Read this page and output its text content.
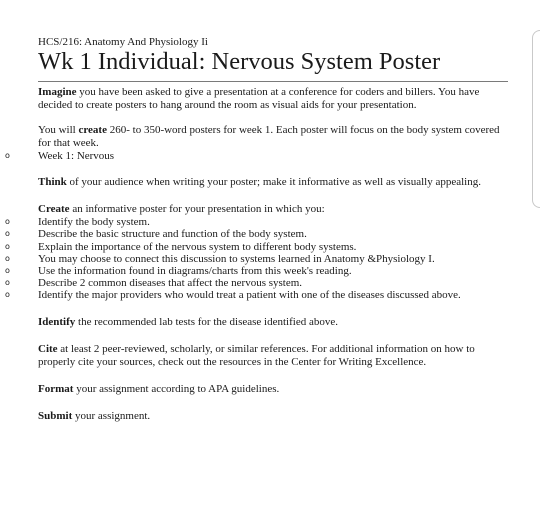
HCS/216: Anatomy And Physiology Ii
Wk 1 Individual: Nervous System Poster

Imagine you have been asked to give a presentation at a conference for coders and billers. You have decided to create posters to hang around the room as visual aids for your presentation.

You will create 260- to 350-word posters for week 1. Each poster will focus on the body system covered for that week.

o	Week 1: Nervous

Think of your audience when writing your poster; make it informative as well as visually appealing.

Create an informative poster for your presentation in which you:

o	Identify the body system.
o	Describe the basic structure and function of the body system.
o	Explain the importance of the nervous system to different body systems.
o	You may choose to connect this discussion to systems learned in Anatomy &Physiology I.
o	Use the information found in diagrams/charts from this week's reading.
o	Describe 2 common diseases that affect the nervous system.
o	Identify the major providers who would treat a patient with one of the diseases discussed above.

Identify the recommended lab tests for the disease identified above.

Cite at least 2 peer-reviewed, scholarly, or similar references. For additional information on how to properly cite your sources, check out the resources in the Center for Writing Excellence.

Format your assignment according to APA guidelines.

Submit your assignment.
